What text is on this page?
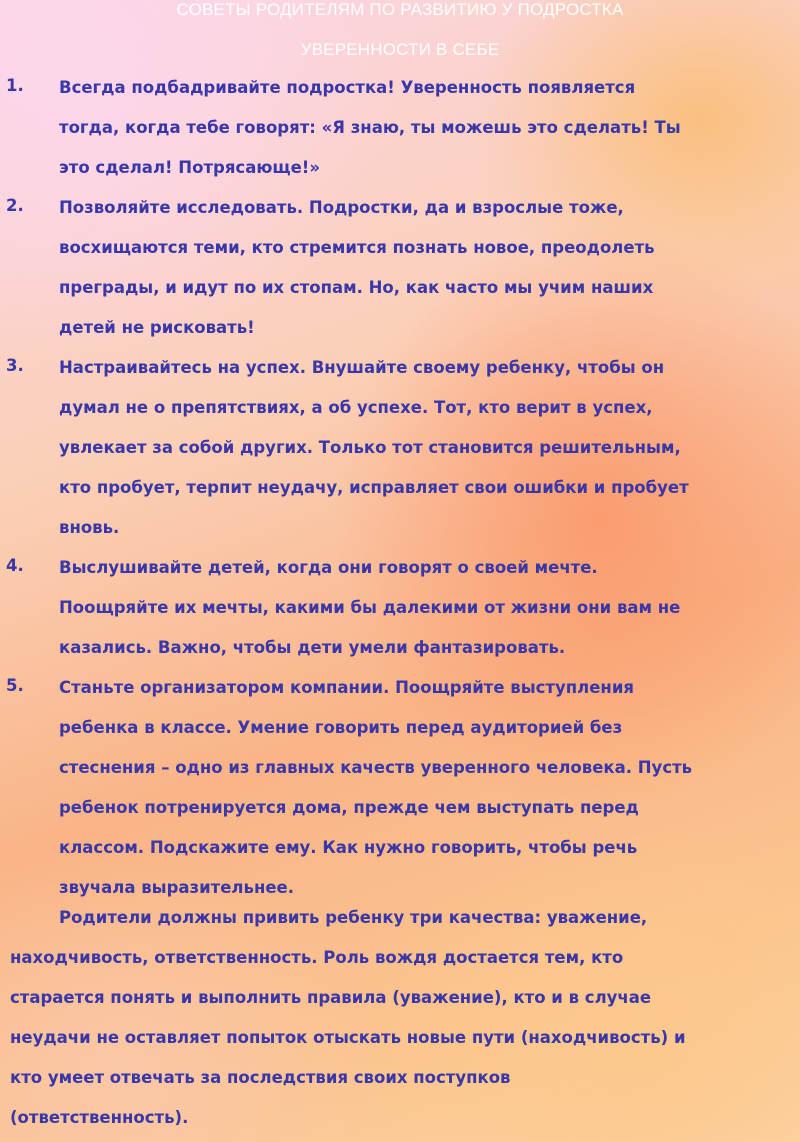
СОВЕТЫ РОДИТЕЛЯМ ПО РАЗВИТИЮ У ПОДРОСТКА
УВЕРЕННОСТИ В СЕБЕ
1. Всегда подбадривайте подростка! Уверенность появляется
тогда, когда тебе говорят: «Я знаю, ты можешь это сделать! Ты
это сделал! Потрясающе!»
2. Позволяйте исследовать. Подростки, да и взрослые тоже,
восхищаются теми, кто стремится познать новое, преодолеть
преграды, и идут по их стопам. Но, как часто мы учим наших
детей не рисковать!
3. Настраивайтесь на успех. Внушайте своему ребенку, чтобы он
думал не о препятствиях, а об успехе. Тот, кто верит в успех,
увлекает за собой других. Только тот становится решительным,
кто пробует, терпит неудачу, исправляет свои ошибки и пробует
вновь.
4. Выслушивайте детей, когда они говорят о своей мечте.
Поощряйте их мечты, какими бы далекими от жизни они вам не
казались. Важно, чтобы дети умели фантазировать.
5. Станьте организатором компании. Поощряйте выступления
ребенка в классе. Умение говорить перед аудиторией без
стеснения – одно из главных качеств уверенного человека. Пусть
ребенок потренируется дома, прежде чем выступать перед
классом. Подскажите ему. Как нужно говорить, чтобы речь
звучала выразительнее.
Родители должны привить ребенку три качества: уважение,
находчивость, ответственность. Роль вождя достается тем, кто
старается понять и выполнить правила (уважение), кто и в случае
неудачи не оставляет попыток отыскать новые пути (находчивость) и
кто умеет отвечать за последствия своих поступков
(ответственность).
